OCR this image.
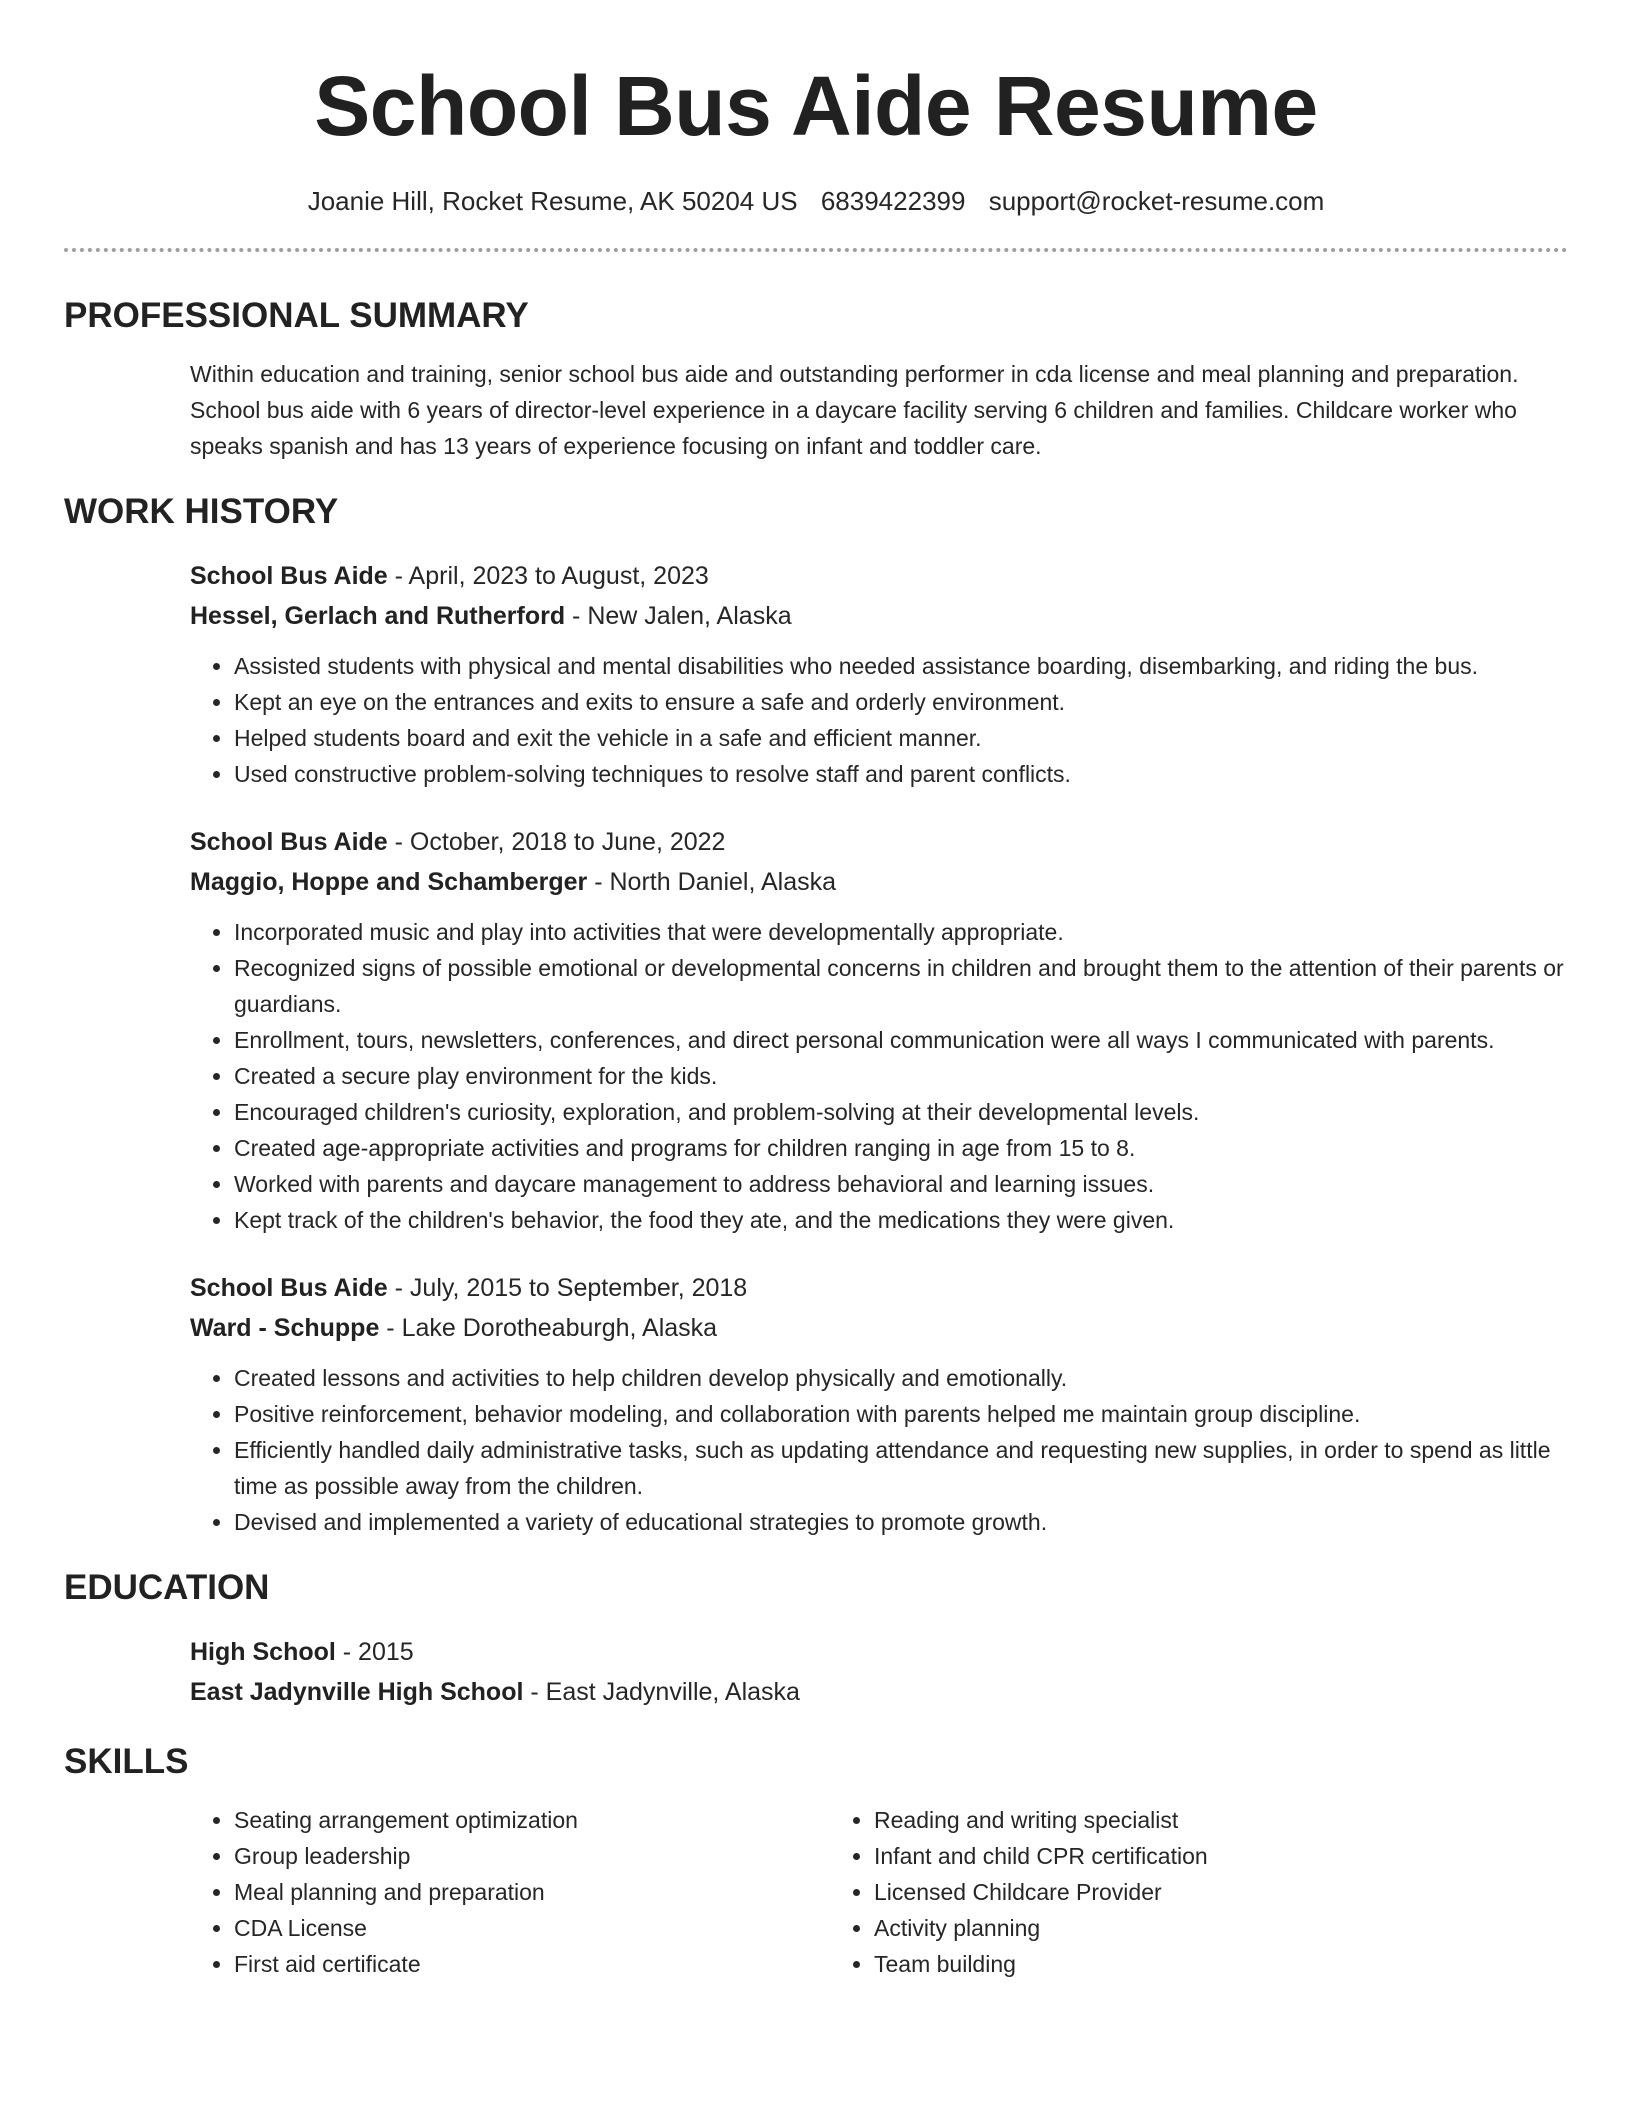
School Bus Aide Resume
Joanie Hill, Rocket Resume, AK 50204 US 6839422399 support@rocket-resume.com
PROFESSIONAL SUMMARY

Within education and training, senior school bus aide and outstanding performer in cda license and meal planning and preparation. School bus aide with 6 years of director-level experience in a daycare facility serving 6 children and families. Childcare worker who speaks spanish and has 13 years of experience focusing on infant and toddler care.

WORK HISTORY
School Bus Aide - April, 2023 to August, 2023
Hessel, Gerlach and Rutherford - New Jalen, Alaska
• Assisted students with physical and mental disabilities who needed assistance boarding, disembarking, and riding the bus.
• Kept an eye on the entrances and exits to ensure a safe and orderly environment.
• Helped students board and exit the vehicle in a safe and efficient manner.
• Used constructive problem-solving techniques to resolve staff and parent conflicts.
School Bus Aide - October, 2018 to June, 2022
Maggio, Hoppe and Schamberger - North Daniel, Alaska
• Incorporated music and play into activities that were developmentally appropriate.
• Recognized signs of possible emotional or developmental concerns in children and brought them to the attention of their parents or guardians.
• Enrollment, tours, newsletters, conferences, and direct personal communication were all ways I communicated with parents.
• Created a secure play environment for the kids.
• Encouraged children's curiosity, exploration, and problem-solving at their developmental levels.
• Created age-appropriate activities and programs for children ranging in age from 15 to 8.
• Worked with parents and daycare management to address behavioral and learning issues.
• Kept track of the children's behavior, the food they ate, and the medications they were given.
School Bus Aide - July, 2015 to September, 2018
Ward - Schuppe - Lake Dorotheaburgh, Alaska
• Created lessons and activities to help children develop physically and emotionally.
• Positive reinforcement, behavior modeling, and collaboration with parents helped me maintain group discipline.
• Efficiently handled daily administrative tasks, such as updating attendance and requesting new supplies, in order to spend as little time as possible away from the children.
• Devised and implemented a variety of educational strategies to promote growth.
EDUCATION
High School - 2015
East Jadynville High School - East Jadynville, Alaska
SKILLS
• Seating arrangement optimization
• Group leadership
• Meal planning and preparation
• CDA License
• First aid certificate
• Reading and writing specialist
• Infant and child CPR certification
• Licensed Childcare Provider
• Activity planning
• Team building
